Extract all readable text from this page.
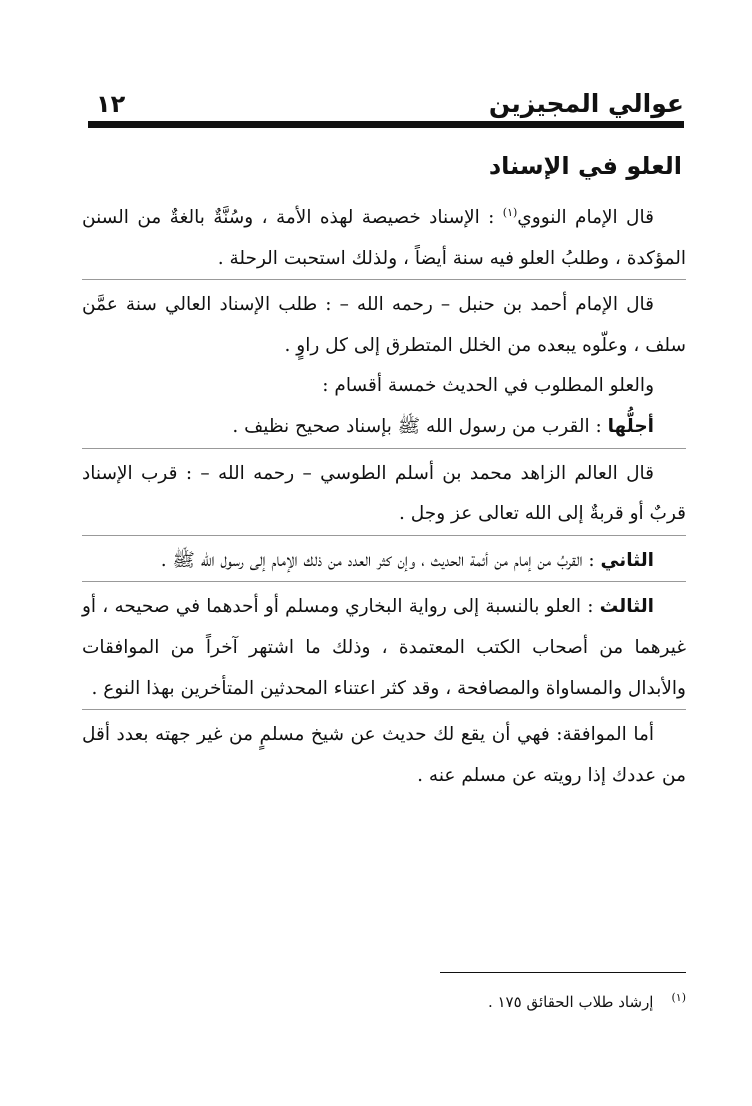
عوالي المجيزين
١٢
العلو في الإسناد

قال الإمام النووي$^{(١)}$ : الإسناد خصيصة لهذه الأمة ، وسُنَّةٌ بالغةٌ من السنن المؤكدة ، وطلبُ العلو فيه سنة أيضاً ، ولذلك استحبت الرحلة .

قال الإمام أحمد بن حنبل – رحمه الله – : طلب الإسناد العالي سنة عمَّن سلف ، وعلّوه يبعده من الخلل المتطرق إلى كل راوٍ .

والعلو المطلوب في الحديث خمسة أقسام :

أجلُّها : القرب من رسول الله ﷺ بإسناد صحيح نظيف .

قال العالم الزاهد محمد بن أسلم الطوسي – رحمه الله – : قرب الإسناد قربٌ أو قربةٌ إلى الله تعالى عز وجل .

الثاني : القربُ من إمام من أئمة الحديث ، وإن كثر العدد من ذلك الإمام إلى رسول الله ﷺ .

الثالث : العلو بالنسبة إلى رواية البخاري ومسلم أو أحدهما في صحيحه ، أو غيرهما من أصحاب الكتب المعتمدة ، وذلك ما اشتهر آخراً من الموافقات والأبدال والمساواة والمصافحة ، وقد كثر اعتناء المحدثين المتأخرين بهذا النوع .

أما الموافقة: فهي أن يقع لك حديث عن شيخ مسلمٍ من غير جهته بعدد أقل من عددك إذا رويته عن مسلم عنه .

$^{(١)}$إرشاد طلاب الحقائق ١٧٥ .
